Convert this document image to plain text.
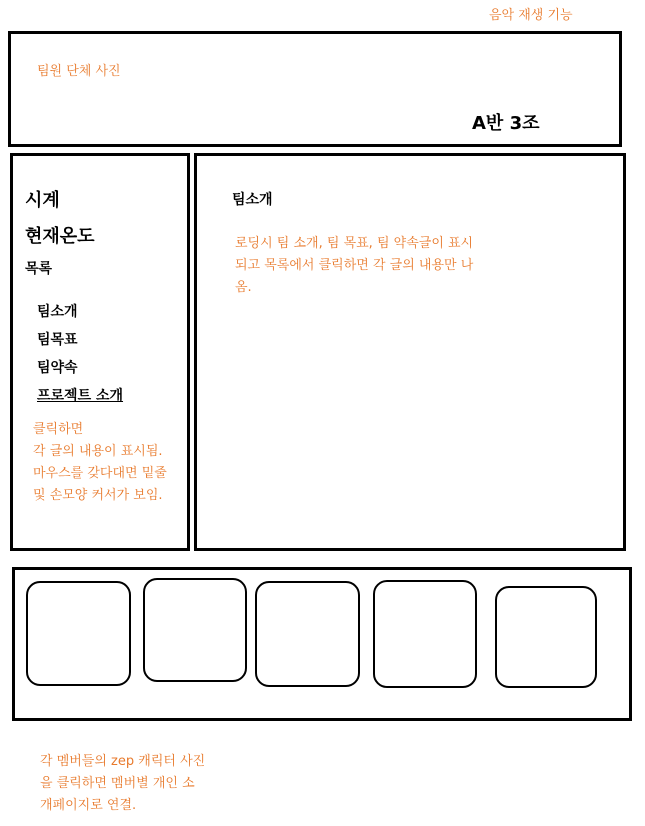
음악 재생 기능
팀원 단체 사진
A반 3조
시계
현재온도
목록
팀소개
팀목표
팀약속
프로젝트 소개
클릭하면
각 글의 내용이 표시됨.
마우스를 갖다대면 밑줄
및 손모양 커서가 보임.
팀소개
로딩시 팀 소개, 팀 목표, 팀 약속글이 표시
되고 목록에서 클릭하면 각 글의 내용만 나
옴.
각 멤버들의 zep 캐릭터 사진
을 클릭하면 멤버별 개인 소
개페이지로 연결.
